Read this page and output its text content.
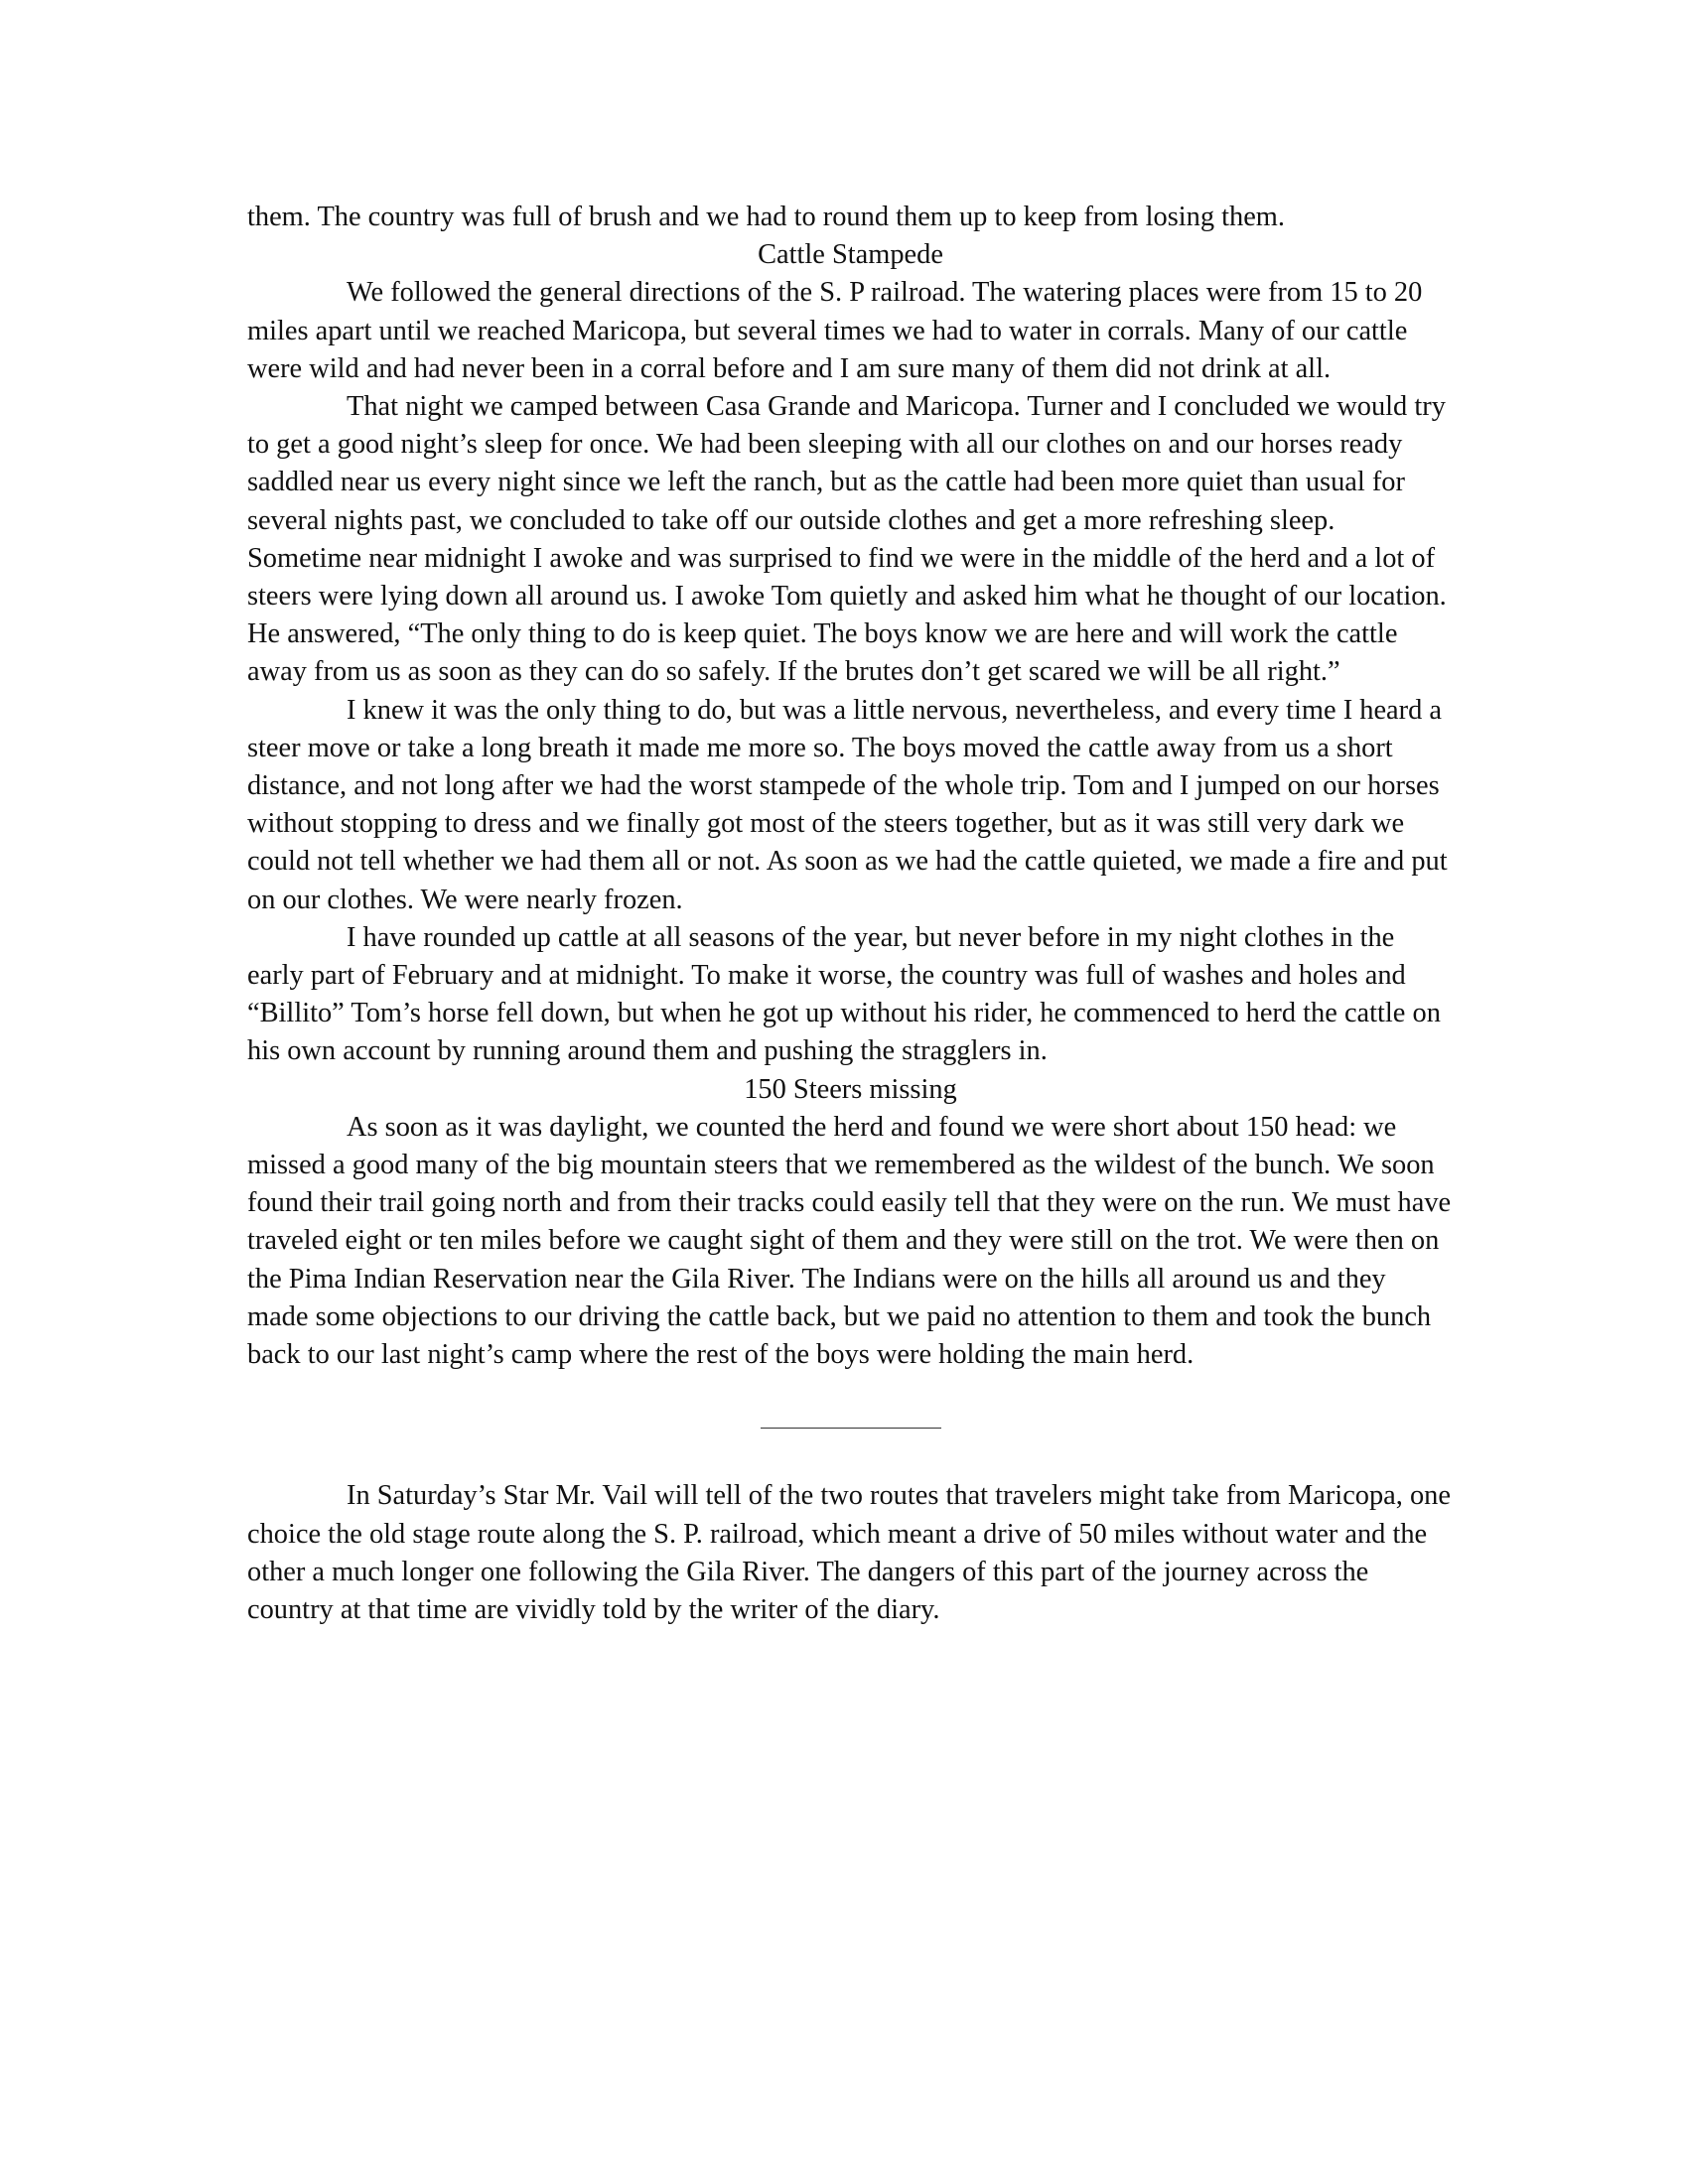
them. The country was full of brush and we had to round them up to keep from losing them.

Cattle Stampede

We followed the general directions of the S. P railroad. The watering places were from 15 to 20 miles apart until we reached Maricopa, but several times we had to water in corrals. Many of our cattle were wild and had never been in a corral before and I am sure many of them did not drink at all.

That night we camped between Casa Grande and Maricopa. Turner and I concluded we would try to get a good night’s sleep for once. We had been sleeping with all our clothes on and our horses ready saddled near us every night since we left the ranch, but as the cattle had been more quiet than usual for several nights past, we concluded to take off our outside clothes and get a more refreshing sleep. Sometime near midnight I awoke and was surprised to find we were in the middle of the herd and a lot of steers were lying down all around us. I awoke Tom quietly and asked him what he thought of our location. He answered, “The only thing to do is keep quiet. The boys know we are here and will work the cattle away from us as soon as they can do so safely. If the brutes don’t get scared we will be all right.”

I knew it was the only thing to do, but was a little nervous, nevertheless, and every time I heard a steer move or take a long breath it made me more so. The boys moved the cattle away from us a short distance, and not long after we had the worst stampede of the whole trip. Tom and I jumped on our horses without stopping to dress and we finally got most of the steers together, but as it was still very dark we could not tell whether we had them all or not. As soon as we had the cattle quieted, we made a fire and put on our clothes. We were nearly frozen.

I have rounded up cattle at all seasons of the year, but never before in my night clothes in the early part of February and at midnight. To make it worse, the country was full of washes and holes and “Billito” Tom’s horse fell down, but when he got up without his rider, he commenced to herd the cattle on his own account by running around them and pushing the stragglers in.

150 Steers missing

As soon as it was daylight, we counted the herd and found we were short about 150 head: we missed a good many of the big mountain steers that we remembered as the wildest of the bunch. We soon found their trail going north and from their tracks could easily tell that they were on the run. We must have traveled eight or ten miles before we caught sight of them and they were still on the trot. We were then on the Pima Indian Reservation near the Gila River. The Indians were on the hills all around us and they made some objections to our driving the cattle back, but we paid no attention to them and took the bunch back to our last night’s camp where the rest of the boys were holding the main herd.

In Saturday’s Star Mr. Vail will tell of the two routes that travelers might take from Maricopa, one choice the old stage route along the S. P. railroad, which meant a drive of 50 miles without water and the other a much longer one following the Gila River. The dangers of this part of the journey across the country at that time are vividly told by the writer of the diary.
